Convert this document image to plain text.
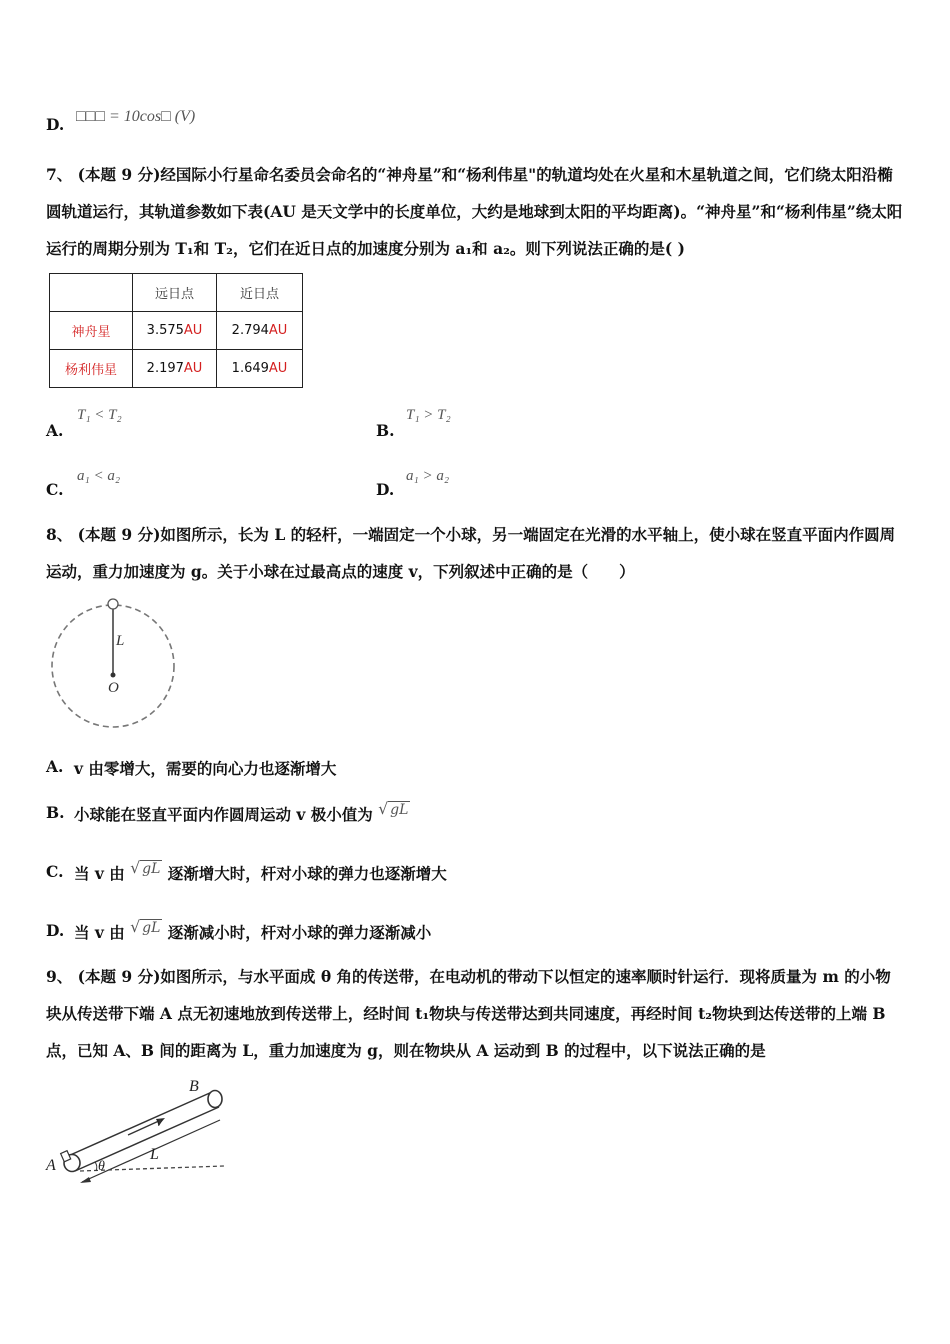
D. □□□ = 10cos□ (V)
7、 (本题 9 分)经国际小行星命名委员会命名的“神舟星”和“杨利伟星"的轨道均处在火星和木星轨道之间，它们绕太阳沿椭圆轨道运行，其轨道参数如下表(AU 是天文学中的长度单位，大约是地球到太阳的平均距离)。“神舟星”和“杨利伟星”绕太阳运行的周期分别为 T₁和 T₂，它们在近日点的加速度分别为 a₁和 a₂。则下列说法正确的是( )
	远日点	近日点
神舟星	3.575AU	2.794AU
杨利伟星	2.197AU	1.649AU
A.
T₁ < T₂
B.
T₁ > T₂
C.
a₁ < a₂
D.
a₁ > a₂
8、 (本题 9 分)如图所示，长为 L 的轻杆，一端固定一个小球，另一端固定在光滑的水平轴上，使小球在竖直平面内作圆周运动，重力加速度为 g。关于小球在过最高点的速度 v，下列叙述中正确的是（　　）
L
O
A. v 由零增大，需要的向心力也逐渐增大
B. 小球能在竖直平面内作圆周运动 v 极小值为 √ gL
C. 当 v 由 √ gL 逐渐增大时，杆对小球的弹力也逐渐增大
D. 当 v 由 √ gL 逐渐减小时，杆对小球的弹力逐渐减小
9、 (本题 9 分)如图所示，与水平面成 θ 角的传送带，在电动机的带动下以恒定的速率顺时针运行．现将质量为 m 的小物块从传送带下端 A 点无初速地放到传送带上，经时间 t₁物块与传送带达到共同速度，再经时间 t₂物块到达传送带的上端 B 点，已知 A、B 间的距离为 L，重力加速度为 g，则在物块从 A 运动到 B 的过程中，以下说法正确的是
A
B
v
L
θ
